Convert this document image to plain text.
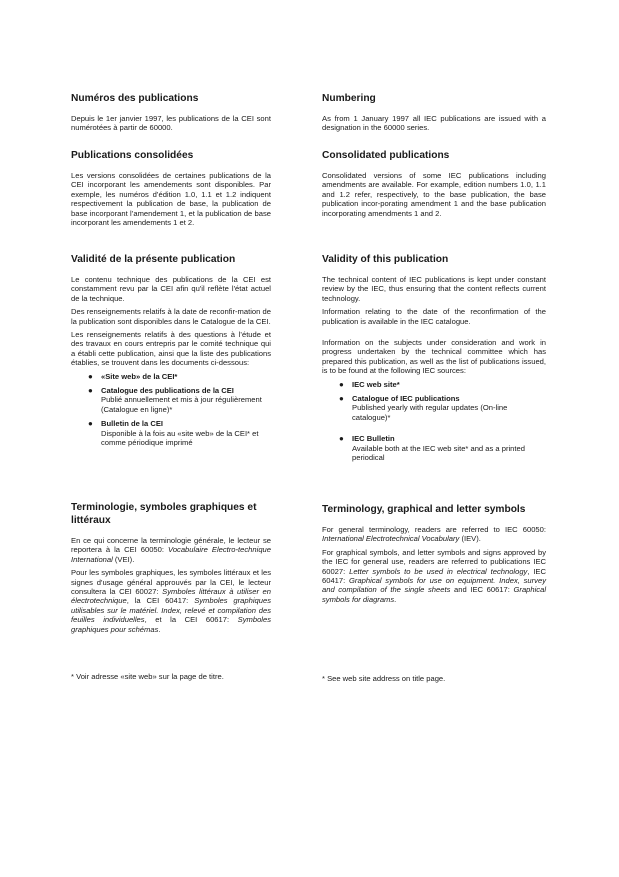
Numéros des publications

Depuis le 1er janvier 1997, les publications de la CEI sont numérotées à partir de 60000.

Publications consolidées

Les versions consolidées de certaines publications de la CEI incorporant les amendements sont disponibles. Par exemple, les numéros d’édition 1.0, 1.1 et 1.2 indiquent respectivement la publication de base, la publication de base incorporant l’amendement 1, et la publication de base incorporant les amendements 1 et 2.

Validité de la présente publication

Le contenu technique des publications de la CEI est constamment revu par la CEI afin qu'il reflète l'état actuel de la technique.

Des renseignements relatifs à la date de reconfir-mation de la publication sont disponibles dans le Catalogue de la CEI.

Les renseignements relatifs à des questions à l’étude et des travaux en cours entrepris par le comité technique qui a établi cette publication, ainsi que la liste des publications établies, se trouvent dans les documents ci-dessous:

● «Site web» de la CEI*
● Catalogue des publications de la CEI
Publié annuellement et mis à jour régulièrement (Catalogue en ligne)*
● Bulletin de la CEI
Disponible à la fois au «site web» de la CEI* et comme périodique imprimé
Terminologie, symboles graphiques et littéraux

En ce qui concerne la terminologie générale, le lecteur se reportera à la CEI 60050: Vocabulaire Electro-technique International (VEI).

Pour les symboles graphiques, les symboles littéraux et les signes d'usage général approuvés par la CEI, le lecteur consultera la CEI 60027: Symboles littéraux à utiliser en électrotechnique, la CEI 60417: Symboles graphiques utilisables sur le matériel. Index, relevé et compilation des feuilles individuelles, et la CEI 60617: Symboles graphiques pour schémas.

Numbering

As from 1 January 1997 all IEC publications are issued with a designation in the 60000 series.

Consolidated publications

Consolidated versions of some IEC publications including amendments are available. For example, edition numbers 1.0, 1.1 and 1.2 refer, respectively, to the base publication, the base publication incor-porating amendment 1 and the base publication incorporating amendments 1 and 2.

Validity of this publication

The technical content of IEC publications is kept under constant review by the IEC, thus ensuring that the content reflects current technology.

Information relating to the date of the reconfirmation of the publication is available in the IEC catalogue.

Information on the subjects under consideration and work in progress undertaken by the technical committee which has prepared this publication, as well as the list of publications issued, is to be found at the following IEC sources:

● IEC web site*
● Catalogue of IEC publications
Published yearly with regular updates (On-line catalogue)*
● IEC Bulletin
Available both at the IEC web site* and as a printed periodical
Terminology, graphical and letter symbols

For general terminology, readers are referred to IEC 60050: International Electrotechnical Vocabulary (IEV).

For graphical symbols, and letter symbols and signs approved by the IEC for general use, readers are referred to publications IEC 60027: Letter symbols to be used in electrical technology, IEC 60417: Graphical symbols for use on equipment. Index, survey and compilation of the single sheets and IEC 60617: Graphical symbols for diagrams.

* Voir adresse «site web» sur la page de titre.	* See web site address on title page.
